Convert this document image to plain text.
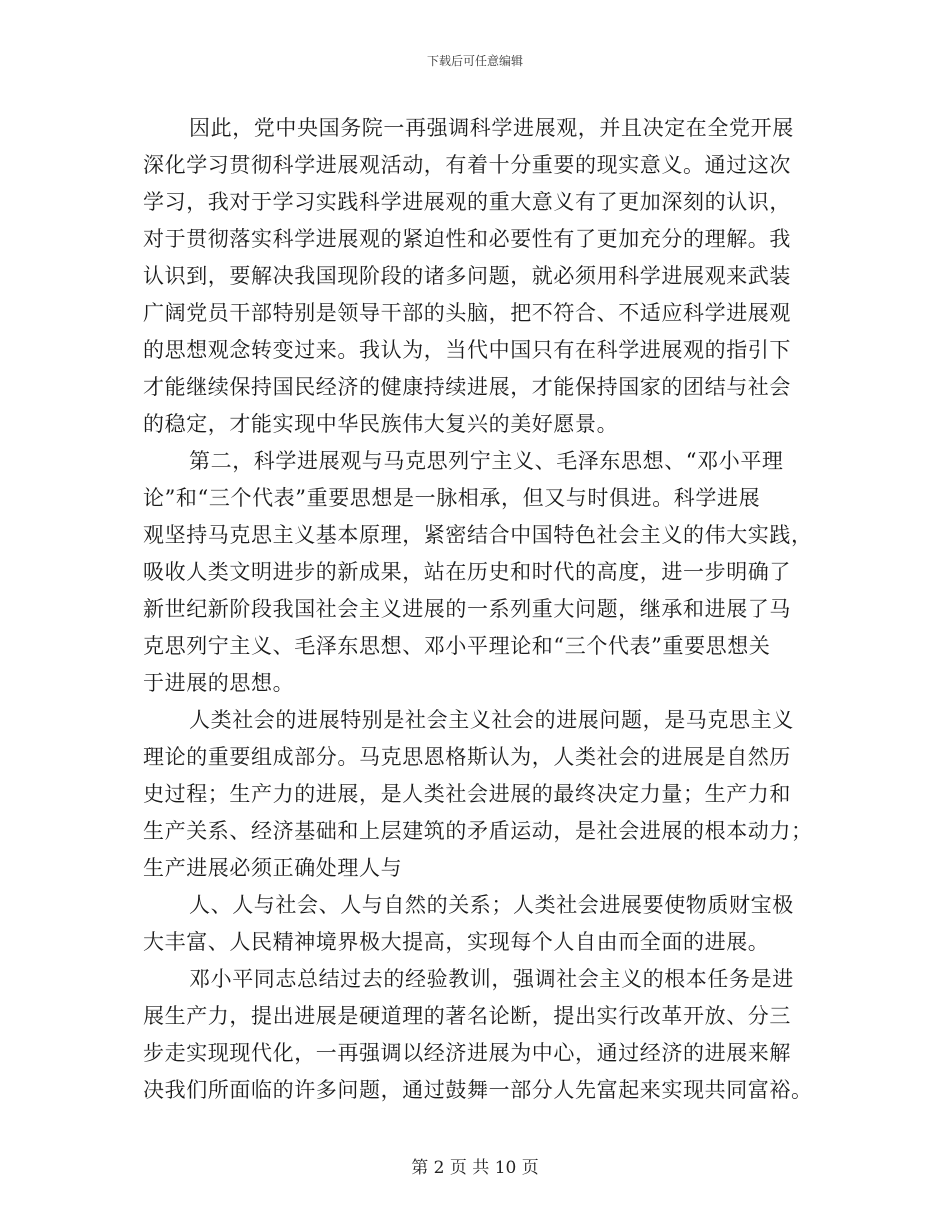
下载后可任意编辑
因此，党中央国务院一再强调科学进展观，并且决定在全党开展
深化学习贯彻科学进展观活动，有着十分重要的现实意义。通过这次
学习，我对于学习实践科学进展观的重大意义有了更加深刻的认识，
对于贯彻落实科学进展观的紧迫性和必要性有了更加充分的理解。我
认识到，要解决我国现阶段的诸多问题，就必须用科学进展观来武装
广阔党员干部特别是领导干部的头脑，把不符合、不适应科学进展观
的思想观念转变过来。我认为，当代中国只有在科学进展观的指引下
才能继续保持国民经济的健康持续进展，才能保持国家的团结与社会
的稳定，才能实现中华民族伟大复兴的美好愿景。
第二，科学进展观与马克思列宁主义、毛泽东思想、“邓小平理
论”和“三个代表”重要思想是一脉相承，但又与时俱进。科学进展
观坚持马克思主义基本原理，紧密结合中国特色社会主义的伟大实践，
吸收人类文明进步的新成果，站在历史和时代的高度，进一步明确了
新世纪新阶段我国社会主义进展的一系列重大问题，继承和进展了马
克思列宁主义、毛泽东思想、邓小平理论和“三个代表”重要思想关
于进展的思想。
人类社会的进展特别是社会主义社会的进展问题，是马克思主义
理论的重要组成部分。马克思恩格斯认为，人类社会的进展是自然历
史过程；生产力的进展，是人类社会进展的最终决定力量；生产力和
生产关系、经济基础和上层建筑的矛盾运动，是社会进展的根本动力；
生产进展必须正确处理人与
人、人与社会、人与自然的关系；人类社会进展要使物质财宝极
大丰富、人民精神境界极大提高，实现每个人自由而全面的进展。
邓小平同志总结过去的经验教训，强调社会主义的根本任务是进
展生产力，提出进展是硬道理的著名论断，提出实行改革开放、分三
步走实现现代化，一再强调以经济进展为中心，通过经济的进展来解
决我们所面临的许多问题，通过鼓舞一部分人先富起来实现共同富裕。
第 2 页 共 10 页
